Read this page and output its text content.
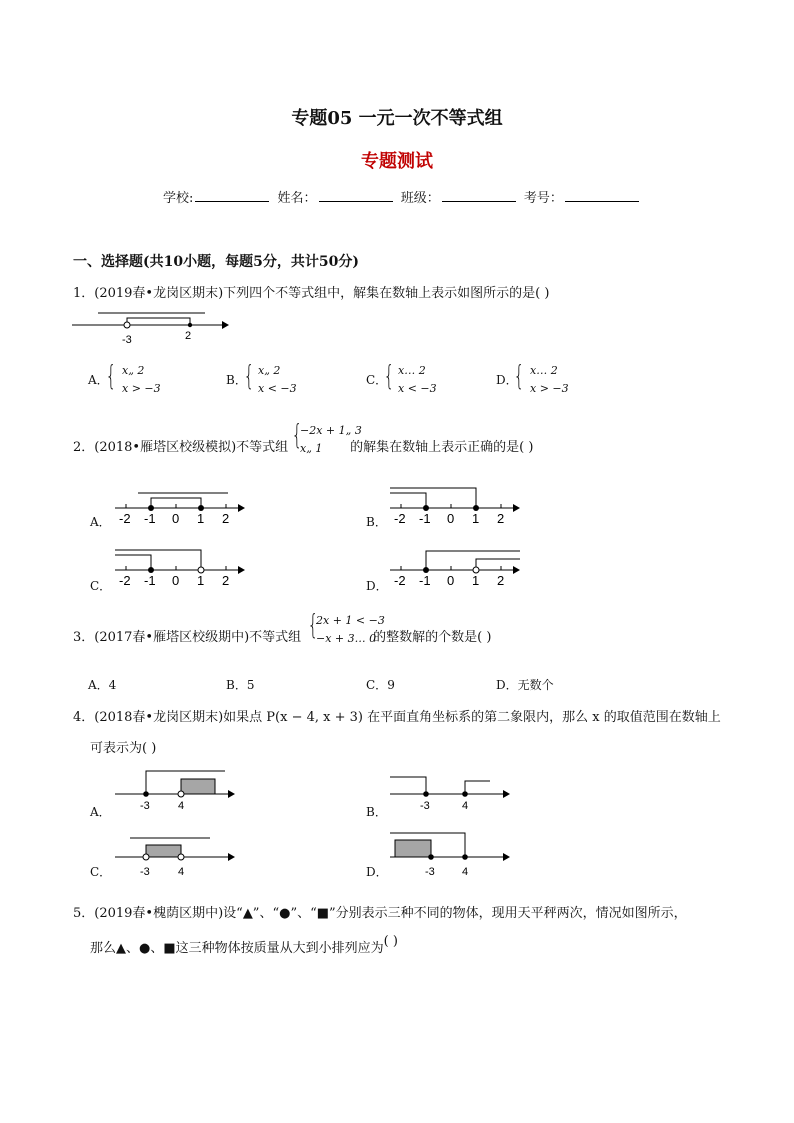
专题05 一元一次不等式组
专题测试
学校:	姓名：	班级：	考号：
一、选择题(共10小题，每题5分，共计50分)
1．(2019春•龙岗区期末)下列四个不等式组中，解集在数轴上表示如图所示的是( )
-3	2
A．
{ x„ 2
x > −3
B．
{ x„ 2
x < −3
C．
{ x… 2
x < −3
D．
{ x… 2
x > −3
2．(2018•雁塔区校级模拟)不等式组	的解集在数轴上表示正确的是( )
{
−2x + 1„ 3
x„ 1
A． -2 -1 0 1 2	B． -2 -1 0 1 2
C． -2 -1 0 1 2	D． -2 -1 0 1 2
3．(2017春•雁塔区校级期中)不等式组	的整数解的个数是( )
{
2x + 1 < −3
−x + 3… 0
A．4	B．5	C．9	D．无数个
4．(2018春•龙岗区期末)如果点 P(x − 4, x + 3) 在平面直角坐标系的第二象限内，那么 x 的取值范围在数轴上
可表示为( )
A．	-3	4	B．	-3	4
C．	-3	4	D．	-3 4
5．(2019春•槐荫区期中)设“▲”、“●”、“■”分别表示三种不同的物体，现用天平秤两次，情况如图所示，
那么▲、●、■这三种物体按质量从大到小排列应为( )
